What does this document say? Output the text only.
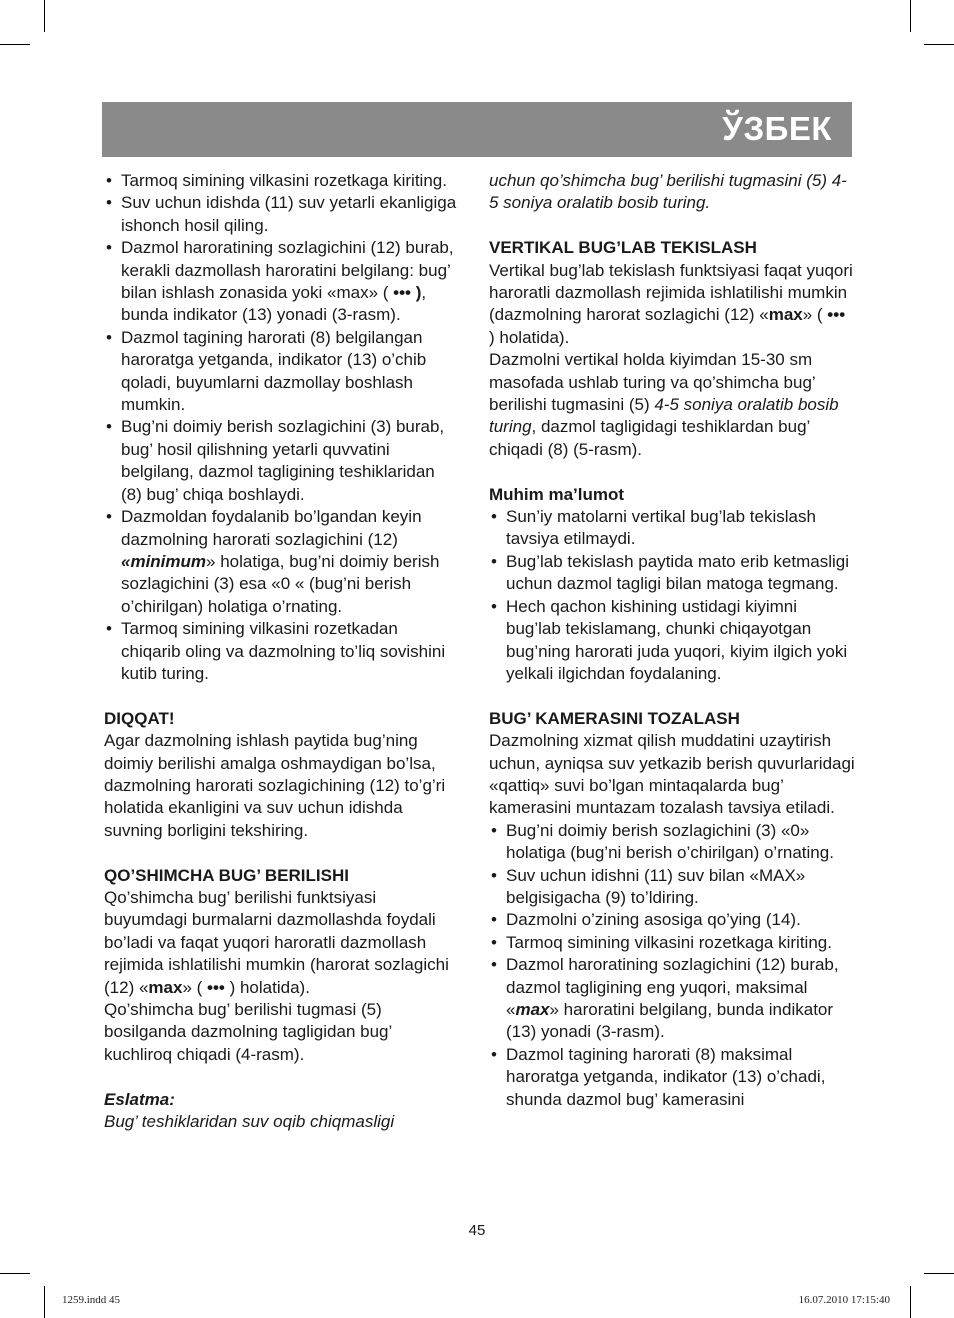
ЎЗБЕК
• Tarmoq simining vilkasini rozetkaga kiriting.
• Suv uchun idishda (11) suv yetarli ekanligiga ishonch hosil qiling.
• Dazmol haroratining sozlagichini (12) burab, kerakli dazmollash haroratini belgilang: bug’ bilan ishlash zonasida yoki «max» ( ••• ), bunda indikator (13) yonadi (3-rasm).
• Dazmol tagining harorati (8) belgilangan haroratga yetganda, indikator (13) o’chib qoladi, buyumlarni dazmollay boshlash mumkin.
• Bug’ni doimiy berish sozlagichini (3) burab, bug’ hosil qilishning yetarli quvvatini belgilang, dazmol tagligining teshiklaridan (8) bug’ chiqa boshlaydi.
• Dazmoldan foydalanib bo’lgandan keyin dazmolning harorati sozlagichini (12) «minimum» holatiga, bug’ni doimiy berish sozlagichini (3) esa «0 « (bug’ni berish o’chirilgan) holatiga o’rnating.
• Tarmoq simining vilkasini rozetkadan chiqarib oling va dazmolning to’liq sovishini kutib turing.

DIQQAT!

Agar dazmolning ishlash paytida bug’ning doimiy berilishi amalga oshmaydigan bo’lsa, dazmolning harorati sozlagichining (12) to’g’ri holatida ekanligini va suv uchun idishda suvning borligini tekshiring.

QO’SHIMCHA BUG’ BERILISHI

Qo’shimcha bug’ berilishi funktsiyasi buyumdagi burmalarni dazmollashda foydali bo’ladi va faqat yuqori haroratli dazmollash rejimida ishlatilishi mumkin (harorat sozlagichi (12) «max» ( ••• ) holatida).

Qo’shimcha bug’ berilishi tugmasi (5) bosilganda dazmolning tagligidan bug’ kuchliroq chiqadi (4-rasm).

Eslatma:

Bug’ teshiklaridan suv oqib chiqmasligi

uchun qo’shimcha bug’ berilishi tugmasini (5) 4-5 soniya oralatib bosib turing.

VERTIKAL BUG’LAB TEKISLASH

Vertikal bug’lab tekislash funktsiyasi faqat yuqori haroratli dazmollash rejimida ishlatilishi mumkin (dazmolning harorat sozlagichi (12) «max» ( ••• ) holatida).

Dazmolni vertikal holda kiyimdan 15-30 sm masofada ushlab turing va qo’shimcha bug’ berilishi tugmasini (5) 4-5 soniya oralatib bosib turing, dazmol tagligidagi teshiklardan bug’ chiqadi (8) (5-rasm).

Muhim ma’lumot

• Sun’iy matolarni vertikal bug’lab tekislash tavsiya etilmaydi.
• Bug’lab tekislash paytida mato erib ketmasligi uchun dazmol tagligi bilan matoga tegmang.
• Hech qachon kishining ustidagi kiyimni bug’lab tekislamang, chunki chiqayotgan bug’ning harorati juda yuqori, kiyim ilgich yoki yelkali ilgichdan foydalaning.

BUG’ KAMERASINI TOZALASH

Dazmolning xizmat qilish muddatini uzaytirish uchun, ayniqsa suv yetkazib berish quvurlaridagi «qattiq» suvi bo’lgan mintaqalarda bug’ kamerasini muntazam tozalash tavsiya etiladi.

• Bug’ni doimiy berish sozlagichini (3) «0» holatiga (bug’ni berish o’chirilgan) o’rnating.
• Suv uchun idishni (11) suv bilan «MAX» belgisigacha (9) to’ldiring.
• Dazmolni o’zining asosiga qo’ying (14).
• Tarmoq simining vilkasini rozetkaga kiriting.
• Dazmol haroratining sozlagichini (12) burab, dazmol tagligining eng yuqori, maksimal «max» haroratini belgilang, bunda indikator (13) yonadi (3-rasm).
• Dazmol tagining harorati (8) maksimal haroratga yetganda, indikator (13) o’chadi, shunda dazmol bug’ kamerasini
45
1259.indd 45	16.07.2010 17:15:40
